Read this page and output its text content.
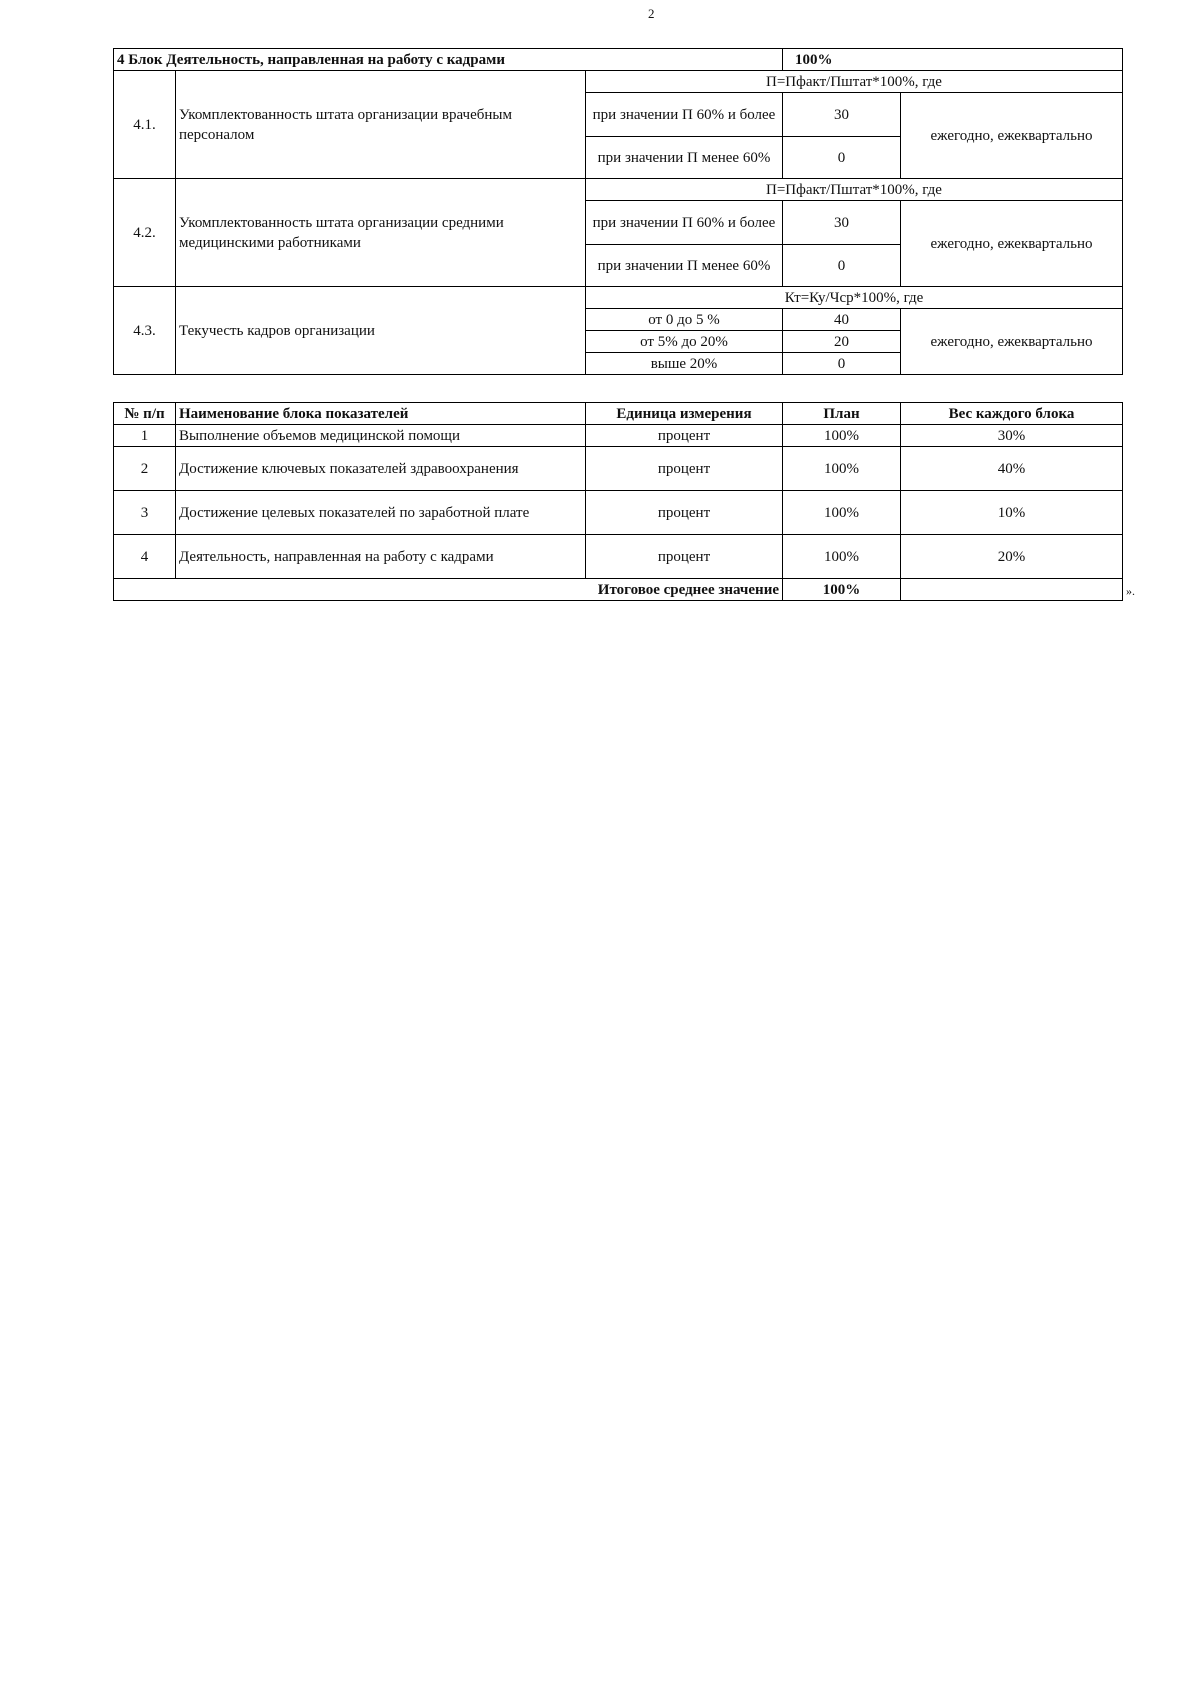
2
4 Блок Деятельность, направленная на работу с кадрами			100%	
4.1.	Укомплектованность штата организации врачебным персоналом	П=Пфакт/Пштат*100%, где		
		при значении П 60% и более	30	ежегодно, ежеквартально
		при значении П менее 60%	0	
4.2.	Укомплектованность штата организации средними медицинскими работниками	П=Пфакт/Пштат*100%, где		
		при значении П 60% и более	30	ежегодно, ежеквартально
		при значении П менее 60%	0	
4.3.	Текучесть кадров организации	Кт=Ку/Чср*100%, где		
		от 0 до 5 %	40	ежегодно, ежеквартально
		от 5% до 20%	20	
		выше 20%	0	
№ п/п	Наименование блока показателей	Единица измерения	План	Вес каждого блока
1	Выполнение объемов медицинской помощи	процент	100%	30%
2	Достижение ключевых показателей здравоохранения	процент	100%	40%
3	Достижение целевых показателей по заработной плате	процент	100%	10%
4	Деятельность, направленная на работу с кадрами	процент	100%	20%
Итоговое среднее значение			100%		».
